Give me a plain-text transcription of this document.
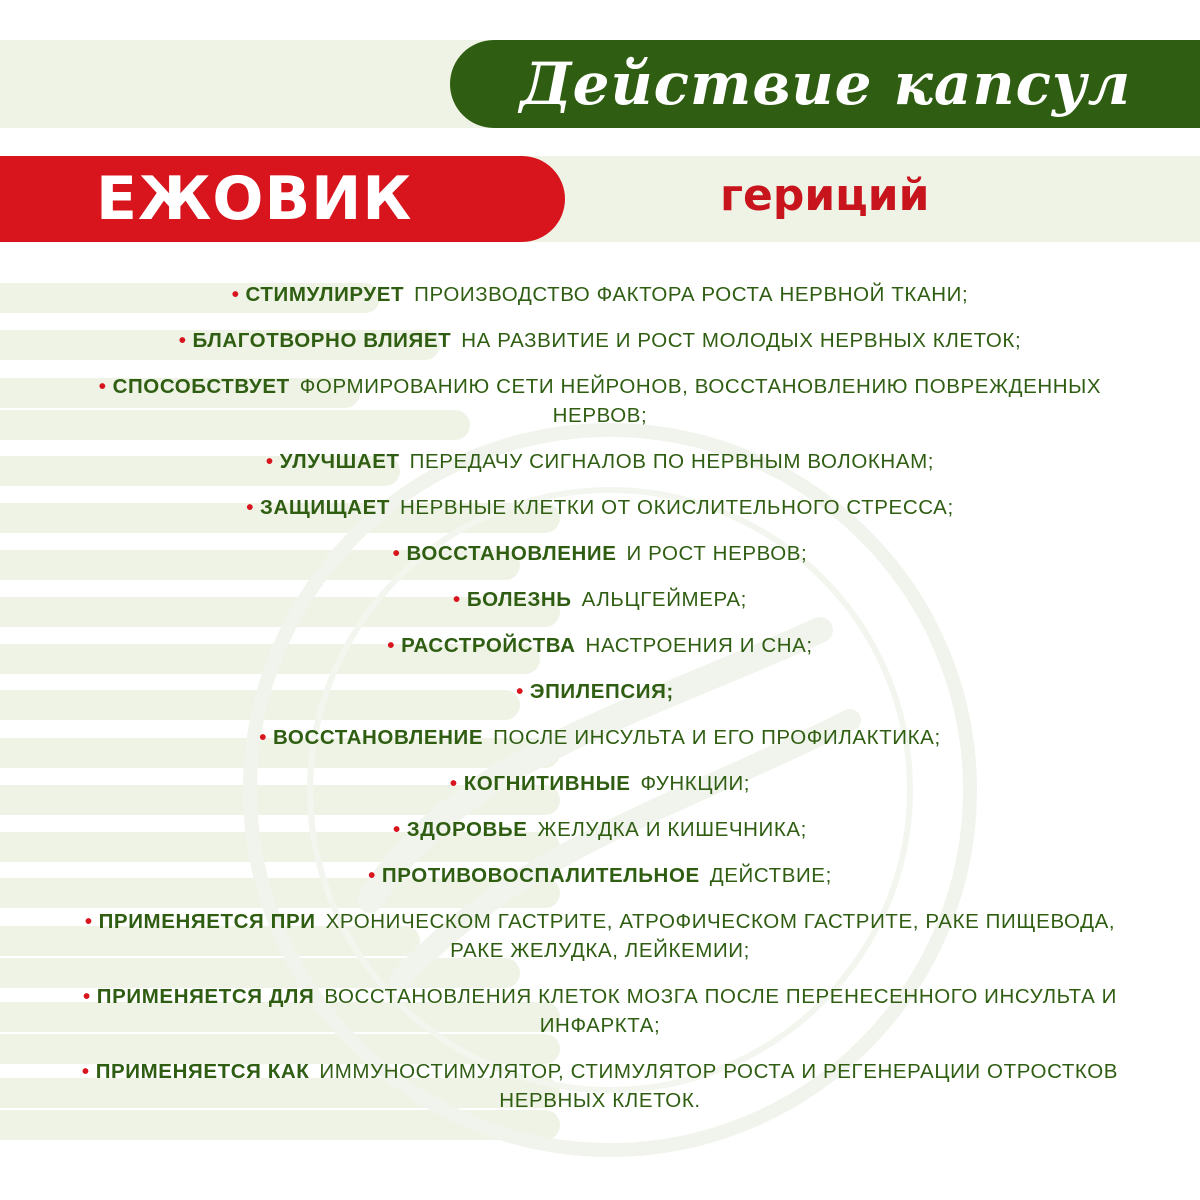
Действие капсул
ЕЖОВИК	гериций
• СТИМУЛИРУЕТ ПРОИЗВОДСТВО ФАКТОРА РОСТА НЕРВНОЙ ТКАНИ;
• БЛАГОТВОРНО ВЛИЯЕТ НА РАЗВИТИЕ И РОСТ МОЛОДЫХ НЕРВНЫХ КЛЕТОК;
• СПОСОБСТВУЕТ ФОРМИРОВАНИЮ СЕТИ НЕЙРОНОВ, ВОССТАНОВЛЕНИЮ ПОВРЕЖДЕННЫХ НЕРВОВ;
• УЛУЧШАЕТ ПЕРЕДАЧУ СИГНАЛОВ ПО НЕРВНЫМ ВОЛОКНАМ;
• ЗАЩИЩАЕТ НЕРВНЫЕ КЛЕТКИ ОТ ОКИСЛИТЕЛЬНОГО СТРЕССА;
• ВОССТАНОВЛЕНИЕ И РОСТ НЕРВОВ;
• БОЛЕЗНЬ АЛЬЦГЕЙМЕРА;
• РАССТРОЙСТВА НАСТРОЕНИЯ И СНА;
• ЭПИЛЕПСИЯ;
• ВОССТАНОВЛЕНИЕ ПОСЛЕ ИНСУЛЬТА И ЕГО ПРОФИЛАКТИКА;
• КОГНИТИВНЫЕ ФУНКЦИИ;
• ЗДОРОВЬЕ ЖЕЛУДКА И КИШЕЧНИКА;
• ПРОТИВОВОСПАЛИТЕЛЬНОЕ ДЕЙСТВИЕ;
• ПРИМЕНЯЕТСЯ ПРИ ХРОНИЧЕСКОМ ГАСТРИТЕ, АТРОФИЧЕСКОМ ГАСТРИТЕ, РАКЕ ПИЩЕВОДА, РАКЕ ЖЕЛУДКА, ЛЕЙКЕМИИ;
• ПРИМЕНЯЕТСЯ ДЛЯ ВОССТАНОВЛЕНИЯ КЛЕТОК МОЗГА ПОСЛЕ ПЕРЕНЕСЕННОГО ИНСУЛЬТА И ИНФАРКТА;
• ПРИМЕНЯЕТСЯ КАК ИММУНОСТИМУЛЯТОР, СТИМУЛЯТОР РОСТА И РЕГЕНЕРАЦИИ ОТРОСТКОВ НЕРВНЫХ КЛЕТОК.
